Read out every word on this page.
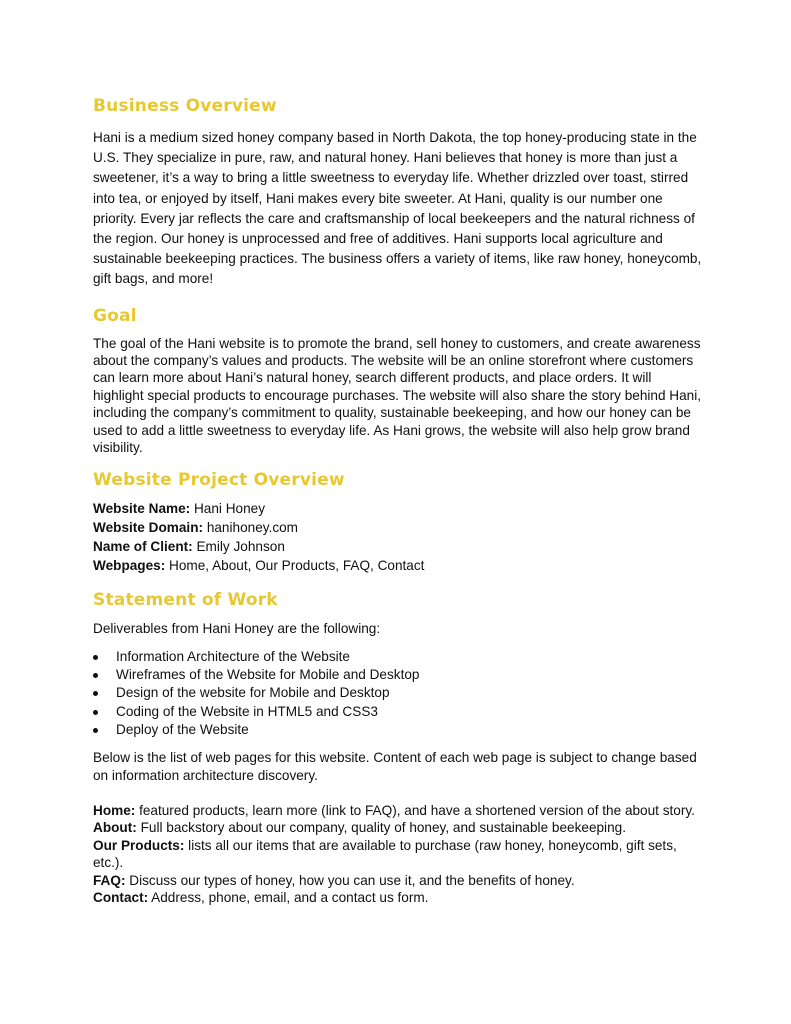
Business Overview

Hani is a medium sized honey company based in North Dakota, the top honey-producing state in the U.S. They specialize in pure, raw, and natural honey. Hani believes that honey is more than just a sweetener, it’s a way to bring a little sweetness to everyday life. Whether drizzled over toast, stirred into tea, or enjoyed by itself, Hani makes every bite sweeter. At Hani, quality is our number one priority. Every jar reflects the care and craftsmanship of local beekeepers and the natural richness of the region. Our honey is unprocessed and free of additives. Hani supports local agriculture and sustainable beekeeping practices. The business offers a variety of items, like raw honey, honeycomb, gift bags, and more!

Goal

The goal of the Hani website is to promote the brand, sell honey to customers, and create awareness about the company’s values and products. The website will be an online storefront where customers can learn more about Hani’s natural honey, search different products, and place orders. It will highlight special products to encourage purchases. The website will also share the story behind Hani, including the company’s commitment to quality, sustainable beekeeping, and how our honey can be used to add a little sweetness to everyday life. As Hani grows, the website will also help grow brand visibility.

Website Project Overview
Website Name: Hani Honey
Website Domain: hanihoney.com
Name of Client: Emily Johnson
Webpages: Home, About, Our Products, FAQ, Contact
Statement of Work

Deliverables from Hani Honey are the following:

Information Architecture of the Website
Wireframes of the Website for Mobile and Desktop
Design of the website for Mobile and Desktop
Coding of the Website in HTML5 and CSS3
Deploy of the Website

Below is the list of web pages for this website. Content of each web page is subject to change based on information architecture discovery.

Home: featured products, learn more (link to FAQ), and have a shortened version of the about story.
About: Full backstory about our company, quality of honey, and sustainable beekeeping.
Our Products: lists all our items that are available to purchase (raw honey, honeycomb, gift sets, etc.).
FAQ: Discuss our types of honey, how you can use it, and the benefits of honey.
Contact: Address, phone, email, and a contact us form.
